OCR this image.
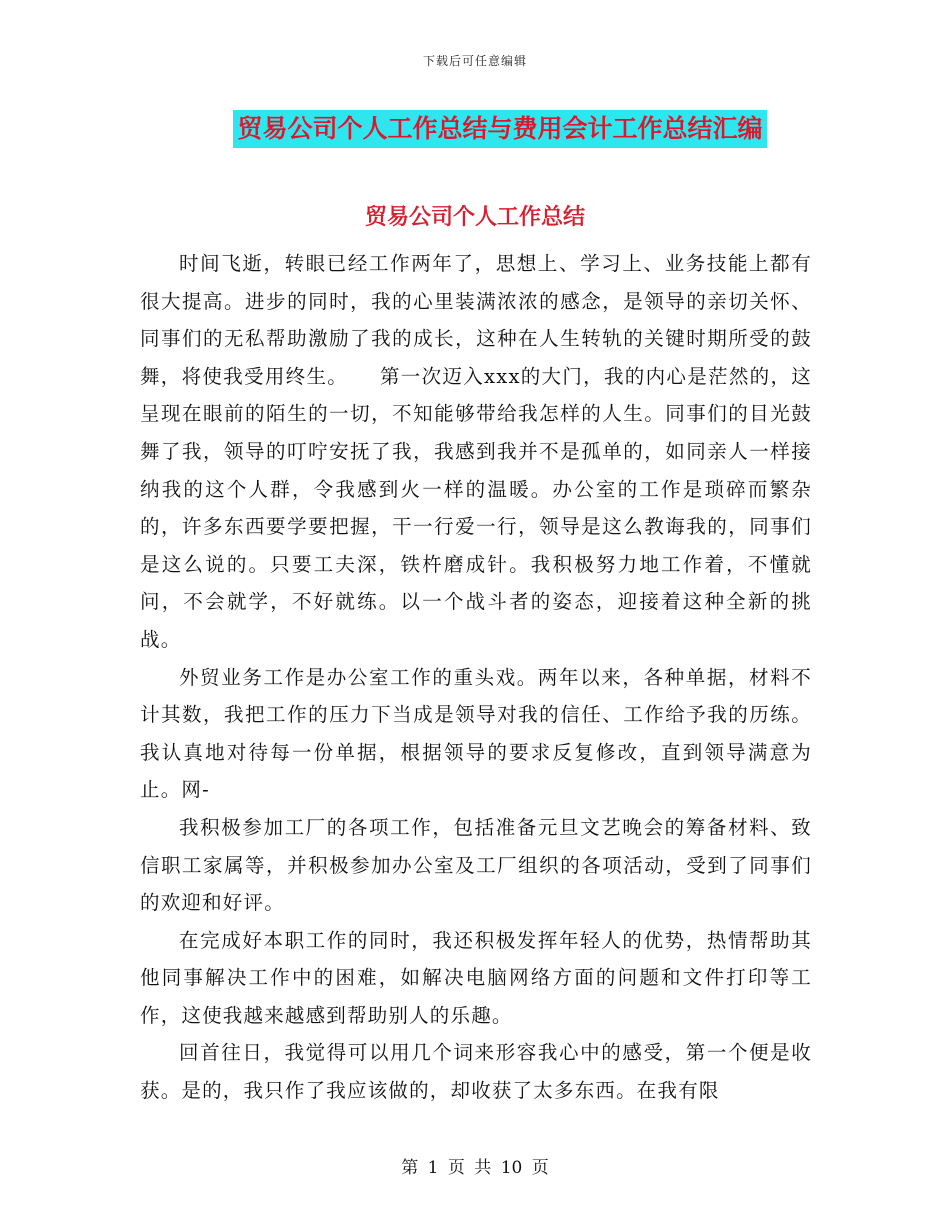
下载后可任意编辑
贸易公司个人工作总结与费用会计工作总结汇编
贸易公司个人工作总结

时间飞逝，转眼已经工作两年了，思想上、学习上、业务技能上都有很大提高。进步的同时，我的心里装满浓浓的感念，是领导的亲切关怀、同事们的无私帮助激励了我的成长，这种在人生转轨的关键时期所受的鼓舞，将使我受用终生。　　第一次迈入xxx的大门，我的内心是茫然的，这呈现在眼前的陌生的一切，不知能够带给我怎样的人生。同事们的目光鼓舞了我，领导的叮咛安抚了我，我感到我并不是孤单的，如同亲人一样接纳我的这个人群，令我感到火一样的温暖。办公室的工作是琐碎而繁杂的，许多东西要学要把握，干一行爱一行，领导是这么教诲我的，同事们是这么说的。只要工夫深，铁杵磨成针。我积极努力地工作着，不懂就问，不会就学，不好就练。以一个战斗者的姿态，迎接着这种全新的挑战。

外贸业务工作是办公室工作的重头戏。两年以来，各种单据，材料不计其数，我把工作的压力下当成是领导对我的信任、工作给予我的历练。我认真地对待每一份单据，根据领导的要求反复修改，直到领导满意为止。网-

我积极参加工厂的各项工作，包括准备元旦文艺晚会的筹备材料、致信职工家属等，并积极参加办公室及工厂组织的各项活动，受到了同事们的欢迎和好评。

在完成好本职工作的同时，我还积极发挥年轻人的优势，热情帮助其他同事解决工作中的困难，如解决电脑网络方面的问题和文件打印等工作，这使我越来越感到帮助别人的乐趣。

回首往日，我觉得可以用几个词来形容我心中的感受，第一个便是收获。是的，我只作了我应该做的，却收获了太多东西。在我有限

第 1 页 共 10 页
